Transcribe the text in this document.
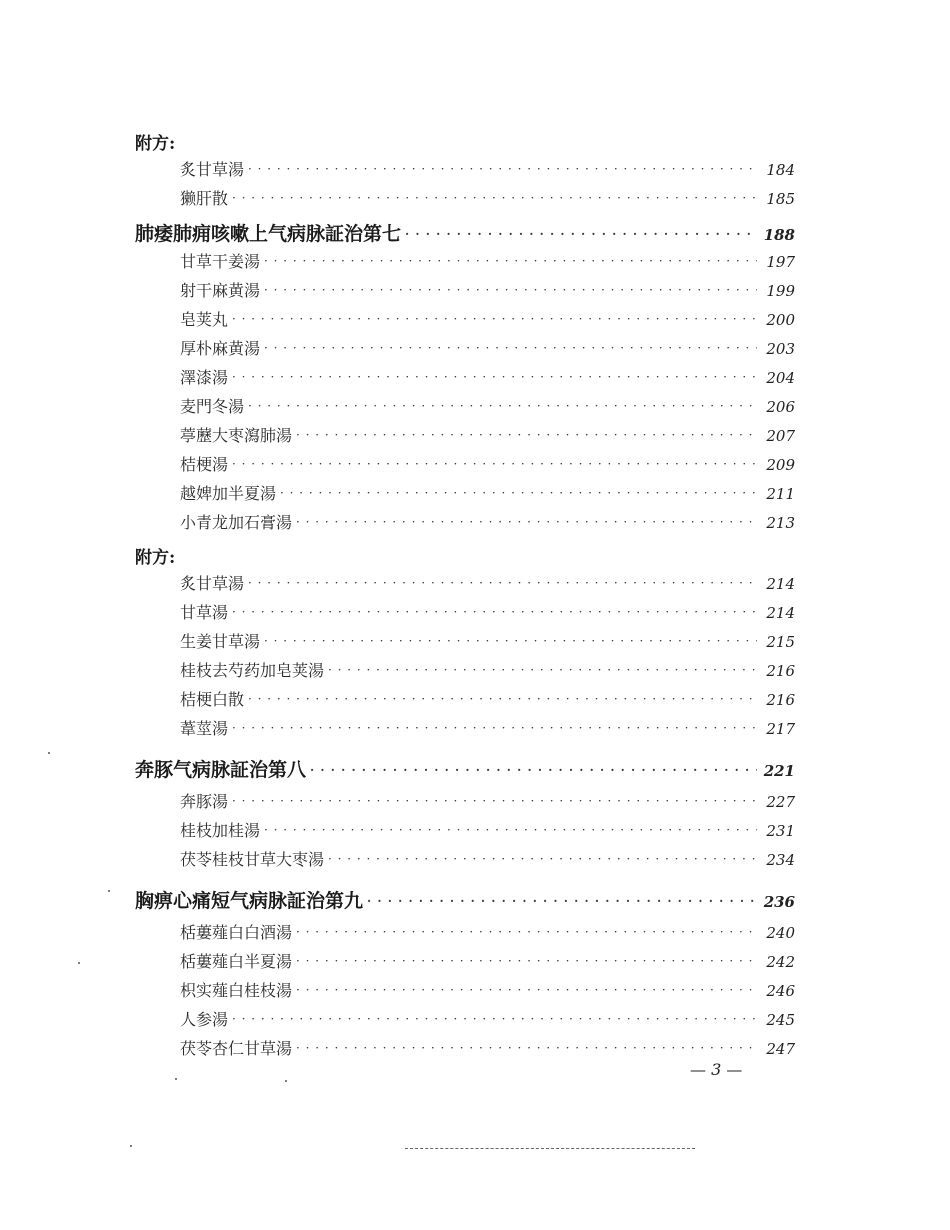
附方:
炙甘草湯 · · ·	184
獭肝散 · · ·	185
肺痿肺痈咳嗽上气病脉証治第七 · · ·	188
甘草干姜湯 · · ·	197
射干麻黄湯 · · ·	199
皂荚丸 · · ·	200
厚朴麻黄湯 · · ·	203
澤漆湯 · · ·	204
麦門冬湯 · · ·	206
葶藶大枣瀉肺湯 · · ·	207
桔梗湯 · · ·	209
越婢加半夏湯 · · ·	211
小青龙加石膏湯 · · ·	213
附方:
炙甘草湯 · · ·	214
甘草湯 · · ·	214
生姜甘草湯 · · ·	215
桂枝去芍药加皂荚湯 · · ·	216
桔梗白散 · · ·	216
葦莖湯 · · ·	217
奔豚气病脉証治第八 · · ·	221
奔豚湯 · · ·	227
桂枝加桂湯 · · ·	231
茯苓桂枝甘草大枣湯 · · ·	234
胸痹心痛短气病脉証治第九 · · ·	236
栝蔞薤白白酒湯 · · ·	240
栝蔞薤白半夏湯 · · ·	242
枳实薤白桂枝湯 · · ·	246
人参湯 · · ·	245
茯苓杏仁甘草湯 · · ·	247
— 3 —
